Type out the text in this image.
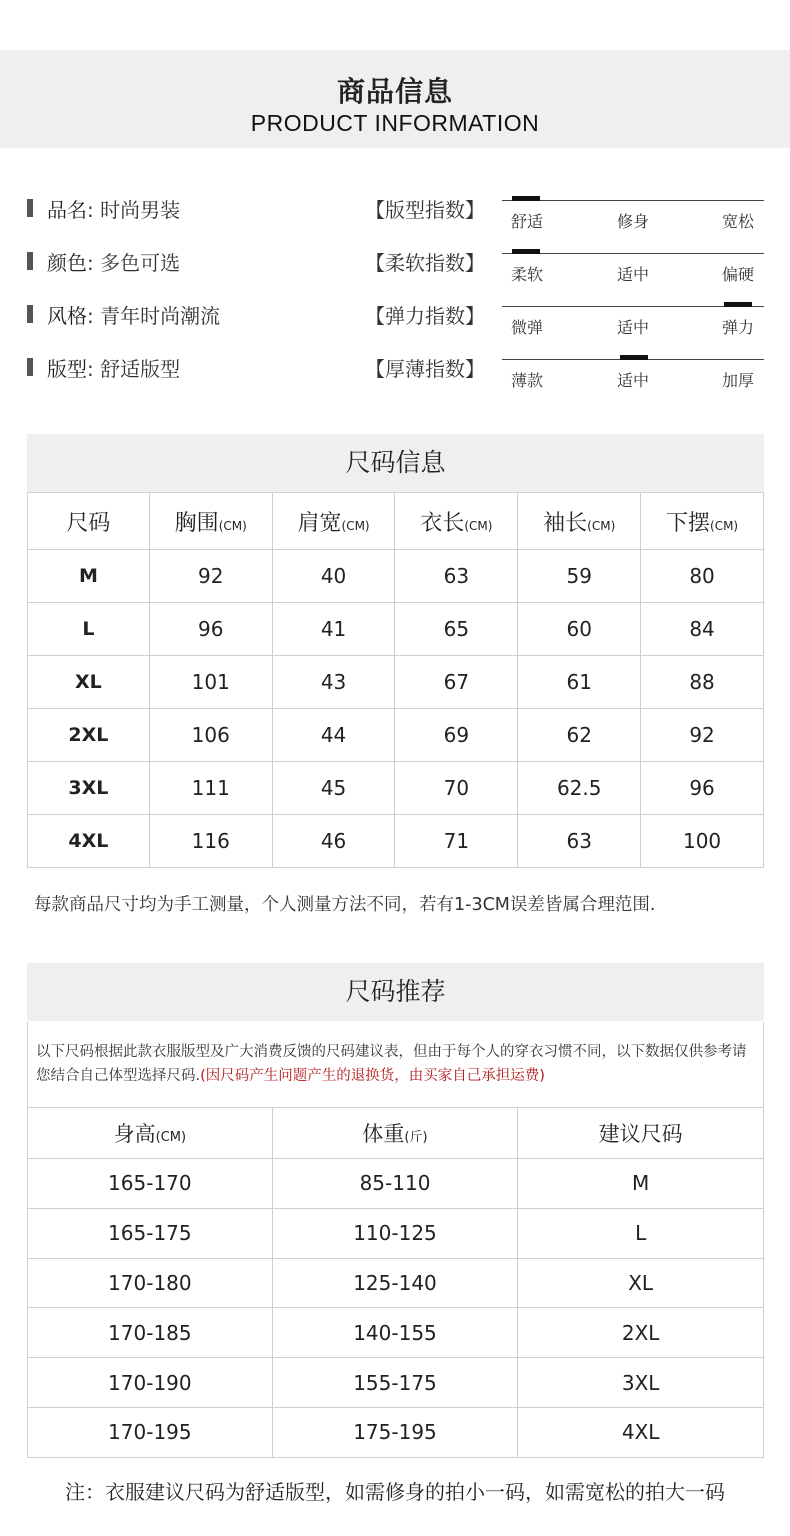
商品信息
PRODUCT INFORMATION
品名: 时尚男装	【版型指数】 舒适	修身	宽松
颜色: 多色可选	【柔软指数】 柔软	适中	偏硬
风格: 青年时尚潮流	【弹力指数】 微弹	适中	弹力
版型: 舒适版型	【厚薄指数】 薄款	适中	加厚
尺码信息
尺码	胸围(CM)	肩宽(CM)	衣长(CM)	袖长(CM)	下摆(CM)
M	92	40	63	59	80
L	96	41	65	60	84
XL	101	43	67	61	88
2XL	106	44	69	62	92
3XL	111	45	70	62.5	96
4XL	116	46	71	63	100
每款商品尺寸均为手工测量，个人测量方法不同，若有1-3CM误差皆属合理范围.
尺码推荐
以下尺码根据此款衣服版型及广大消费反馈的尺码建议表，但由于每个人的穿衣习惯不同，以下数据仅供参考请您结合自己体型选择尺码.(因尺码产生问题产生的退换货，由买家自己承担运费)
身高(CM)	体重(斤)	建议尺码
165-170	85-110	M
165-175	110-125	L
170-180	125-140	XL
170-185	140-155	2XL
170-190	155-175	3XL
170-195	175-195	4XL
注：衣服建议尺码为舒适版型，如需修身的拍小一码，如需宽松的拍大一码
